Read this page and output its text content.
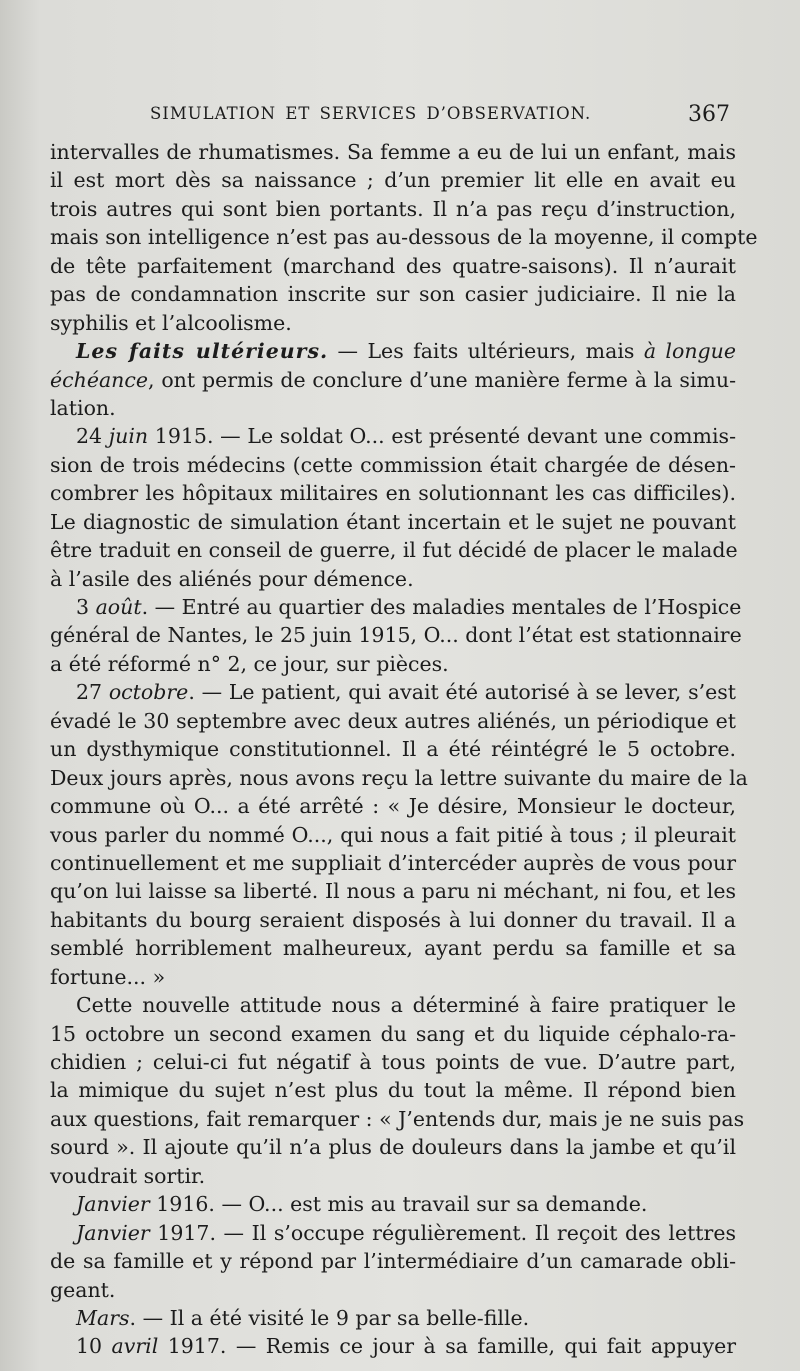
SIMULATION ET SERVICES D’OBSERVATION.	367
intervalles de rhumatismes. Sa femme a eu de lui un enfant, mais
il est mort dès sa naissance ; d’un premier lit elle en avait eu
trois autres qui sont bien portants. Il n’a pas reçu d’instruction,
mais son intelligence n’est pas au-dessous de la moyenne, il compte
de tête parfaitement (marchand des quatre-saisons). Il n’aurait
pas de condamnation inscrite sur son casier judiciaire. Il nie la
syphilis et l’alcoolisme.
Les faits ultérieurs. — Les faits ultérieurs, mais à longue
échéance, ont permis de conclure d’une manière ferme à la simu-
lation.
24 juin 1915. — Le soldat O... est présenté devant une commis-
sion de trois médecins (cette commission était chargée de désen-
combrer les hôpitaux militaires en solutionnant les cas difficiles).
Le diagnostic de simulation étant incertain et le sujet ne pouvant
être traduit en conseil de guerre, il fut décidé de placer le malade
à l’asile des aliénés pour démence.
3 août. — Entré au quartier des maladies mentales de l’Hospice
général de Nantes, le 25 juin 1915, O... dont l’état est stationnaire
a été réformé n° 2, ce jour, sur pièces.
27 octobre. — Le patient, qui avait été autorisé à se lever, s’est
évadé le 30 septembre avec deux autres aliénés, un périodique et
un dysthymique constitutionnel. Il a été réintégré le 5 octobre.
Deux jours après, nous avons reçu la lettre suivante du maire de la
commune où O... a été arrêté : « Je désire, Monsieur le docteur,
vous parler du nommé O..., qui nous a fait pitié à tous ; il pleurait
continuellement et me suppliait d’intercéder auprès de vous pour
qu’on lui laisse sa liberté. Il nous a paru ni méchant, ni fou, et les
habitants du bourg seraient disposés à lui donner du travail. Il a
semblé horriblement malheureux, ayant perdu sa famille et sa
fortune... »
Cette nouvelle attitude nous a déterminé à faire pratiquer le
15 octobre un second examen du sang et du liquide céphalo-ra-
chidien ; celui-ci fut négatif à tous points de vue. D’autre part,
la mimique du sujet n’est plus du tout la même. Il répond bien
aux questions, fait remarquer : « J’entends dur, mais je ne suis pas
sourd ». Il ajoute qu’il n’a plus de douleurs dans la jambe et qu’il
voudrait sortir.
Janvier 1916. — O... est mis au travail sur sa demande.
Janvier 1917. — Il s’occupe régulièrement. Il reçoit des lettres
de sa famille et y répond par l’intermédiaire d’un camarade obli-
geant.
Mars. — Il a été visité le 9 par sa belle-fille.
10 avril 1917. — Remis ce jour à sa famille, qui fait appuyer
